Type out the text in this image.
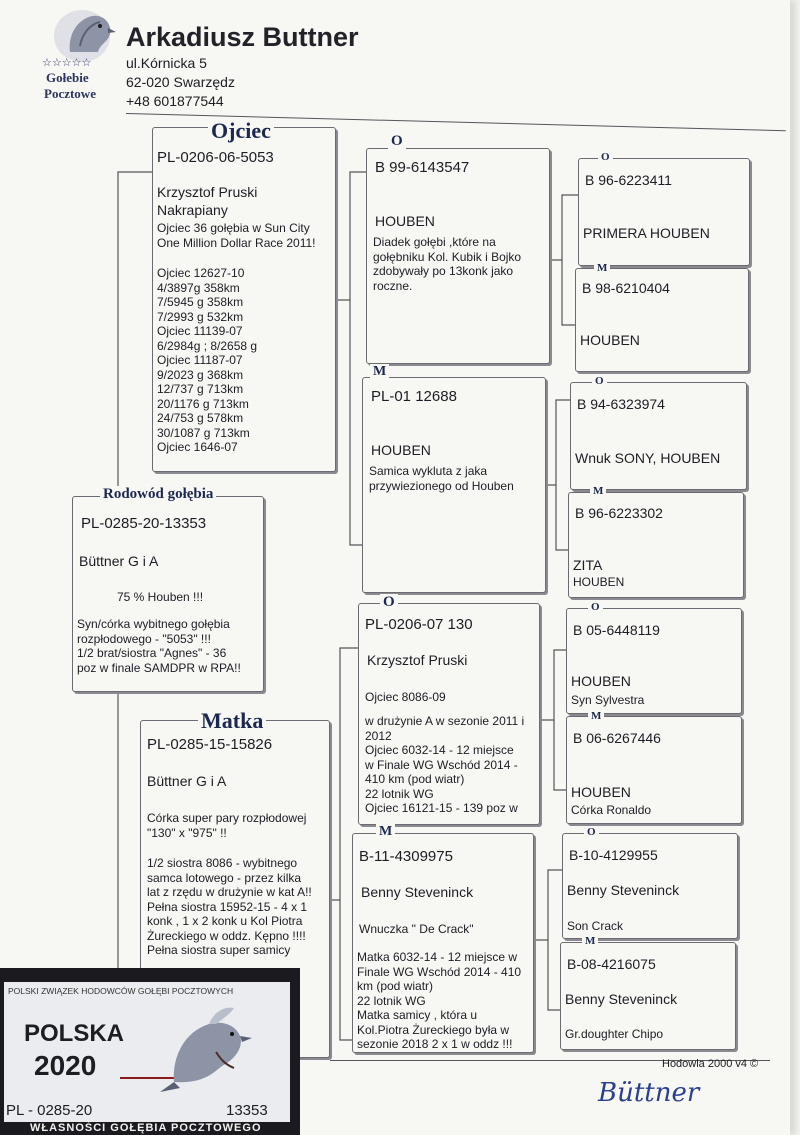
☆☆☆☆☆
Gołebie
Pocztowe
Arkadiusz Buttner
ul.Kórnicka 5
62-020 Swarzędz
+48 601877544
PL-0285-20-13353
Büttner G i A
75 % Houben !!!
Syn/córka wybitnego gołębia
rozpłodowego - "5053" !!!
1/2 brat/siostra "Agnes" - 36
poz w finale SAMDPR w RPA!!
Rodowód gołębia
PL-0206-06-5053
Krzysztof Pruski
Nakrapiany
Ojciec 36 gołębia w Sun City
One Million Dollar Race 2011!
Ojciec 12627-10
4/3897g 358km
7/5945 g 358km
7/2993 g 532km
Ojciec 11139-07
6/2984g ; 8/2658 g
Ojciec 11187-07
9/2023 g 368km
12/737 g 713km
20/1176 g 713km
24/753 g 578km
30/1087 g 713km
Ojciec 1646-07
Ojciec
PL-0285-15-15826
Büttner G i A
Córka super pary rozpłodowej
"130" x "975" !!
1/2 siostra 8086 - wybitnego
samca lotowego - przez kilka
lat z rzędu w drużynie w kat A!!
Pełna siostra 15952-15 - 4 x 1
konk , 1 x 2 konk u Kol Piotra
Żureckiego w oddz. Kępno !!!!
Pełna siostra super samicy
Matka
B 99-6143547
HOUBEN
Diadek gołębi ,które na
gołębniku Kol. Kubik i Bojko
zdobywały po 13konk jako
roczne.
O
PL-01 12688
HOUBEN
Samica wyklutа z jaka
przywiezionego od Houben
M
PL-0206-07 130
Krzysztof Pruski
Ojciec 8086-09
w drużynie A w sezonie 2011 i
2012
Ojciec 6032-14 - 12 miejsce
w Finale WG Wschód 2014 -
410 km (pod wiatr)
22 lotnik WG
Ojciec 16121-15 - 139 poz w
O
B-11-4309975
Benny Steveninck
Wnuczka " De Crack"
Matka 6032-14 - 12 miejsce w
Finale WG Wschód 2014 - 410
km (pod wiatr)
22 lotnik WG
Matka samicy , która u
Kol.Piotra Żureckiego była w
sezonie 2018 2 x 1 w oddz !!!
M
B 96-6223411
PRIMERA HOUBEN
O
B 98-6210404
HOUBEN
M
B 94-6323974
Wnuk SONY, HOUBEN
O
B 96-6223302
ZITA
HOUBEN
M
B 05-6448119
HOUBEN
Syn Sylvestra
O
B 06-6267446
HOUBEN
Córka Ronaldo
M
B-10-4129955
Benny Steveninck
Son Crack
O
B-08-4216075
Benny Steveninck
Gr.doughter Chipo
M
Hodowla 2000 v4 ©
Büttner
POLSKI ZWIĄZEK HODOWCÓW GOŁĘBI POCZTOWYCH
POLSKA
2020
PL - 0285-20	13353
WŁASNOŚCI GOŁĘBIA POCZTOWEGO
